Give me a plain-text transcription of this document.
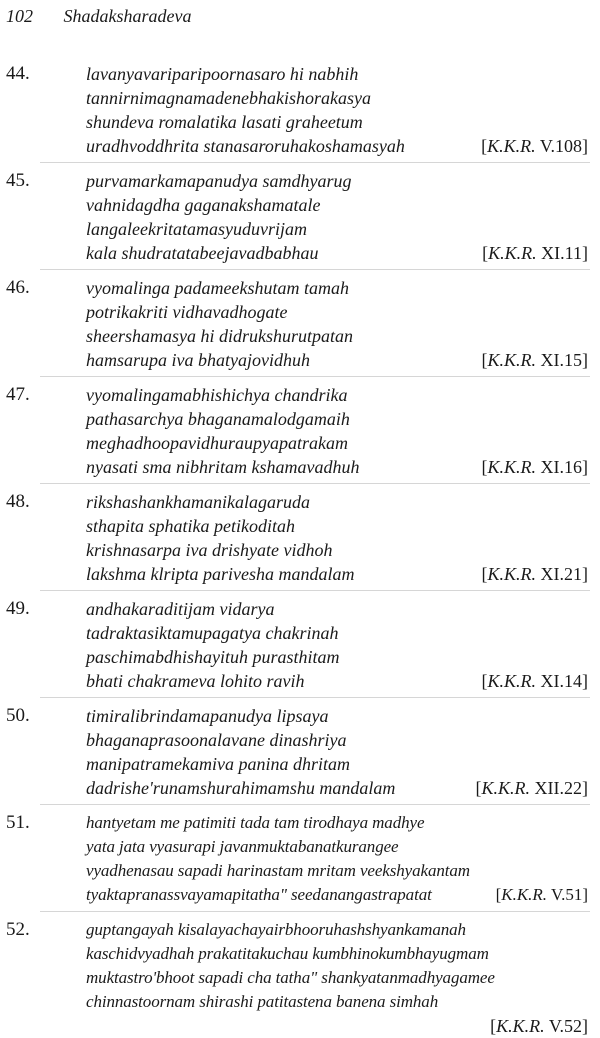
102 Shadaksharadeva
44.	lavanyavariparipoornasaro hi nabhih
tannirnimagnamadenebhakishorakasya
shundeva romalatika lasati graheetum
uradhvoddhrita stanasaroruhakoshamasyah	[K.K.R. V.108]
45.	purvamarkamapanudya samdhyarug
vahnidagdha gaganakshamatale
langaleekritatamasyuduvrijam
kala shudratatabeejavadbabhau	[K.K.R. XI.11]
46.	vyomalinga padameekshutam tamah
potrikakriti vidhavadhogate
sheershamasya hi didrukshurutpatan
hamsarupa iva bhatyajovidhuh	[K.K.R. XI.15]
47.	vyomalingamabhishichya chandrika
pathasarchya bhaganamalodgamaih
meghadhoopavidhuraupyapatrakam
nyasati sma nibhritam kshamavadhuh	[K.K.R. XI.16]
48.	rikshashankhamanikalagaruda
sthapita sphatika petikoditah
krishnasarpa iva drishyate vidhoh
lakshma klripta parivesha mandalam	[K.K.R. XI.21]
49.	andhakaraditijam vidarya
tadraktasiktamupagatya chakrinah
paschimabdhishayituh purasthitam
bhati chakrameva lohito ravih	[K.K.R. XI.14]
50.	timiralibrindamapanudya lipsaya
bhaganaprasoonalavane dinashriya
manipatramekamiva panina dhritam
dadrishe'runamshurahimamshu mandalam	[K.K.R. XII.22]
51.	hantyetam me patimiti tada tam tirodhaya madhye
yata jata vyasurapi javanmuktabanatkurangee
vyadhenasau sapadi harinastam mritam veekshyakantam
tyaktapranassvayamapitatha" seedanangastrapatat	[K.K.R. V.51]
52.	guptangayah kisalayachayairbhooruhashshyankamanah
kaschidvyadhah prakatitakuchau kumbhinokumbhayugmam
muktastro'bhoot sapadi cha tatha" shankyatanmadhyagamee
chinnastoornam shirashi patitastena banena simhah
[K.K.R. V.52]
